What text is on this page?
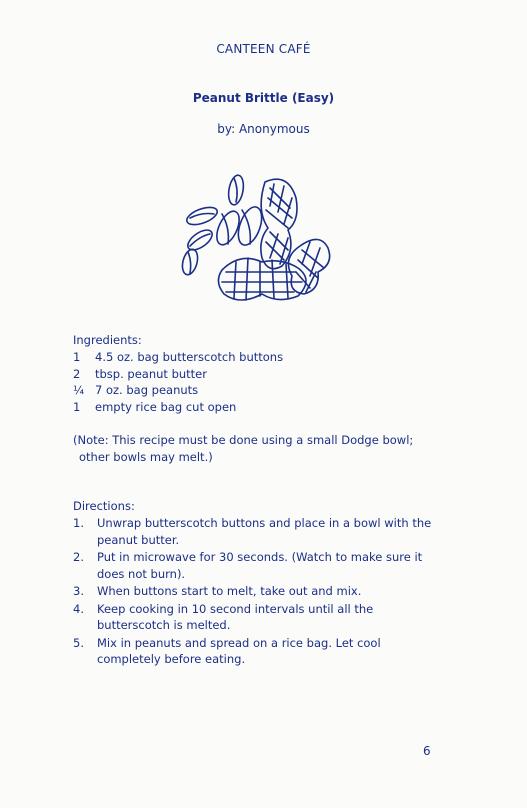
CANTEEN CAFÉ
Peanut Brittle (Easy)
by: Anonymous
Ingredients:
1	4.5 oz. bag butterscotch buttons
2	tbsp. peanut butter
¼ 7 oz. bag peanuts
1	empty rice bag cut open
(Note: This recipe must be done using a small Dodge bowl;
other bowls may melt.)
Directions:
1.	Unwrap butterscotch buttons and place in a bowl with the peanut butter.
2.	Put in microwave for 30 seconds. (Watch to make sure it does not burn).
3.	When buttons start to melt, take out and mix.
4.	Keep cooking in 10 second intervals until all the butterscotch is melted.
5.	Mix in peanuts and spread on a rice bag. Let cool completely before eating.
6
